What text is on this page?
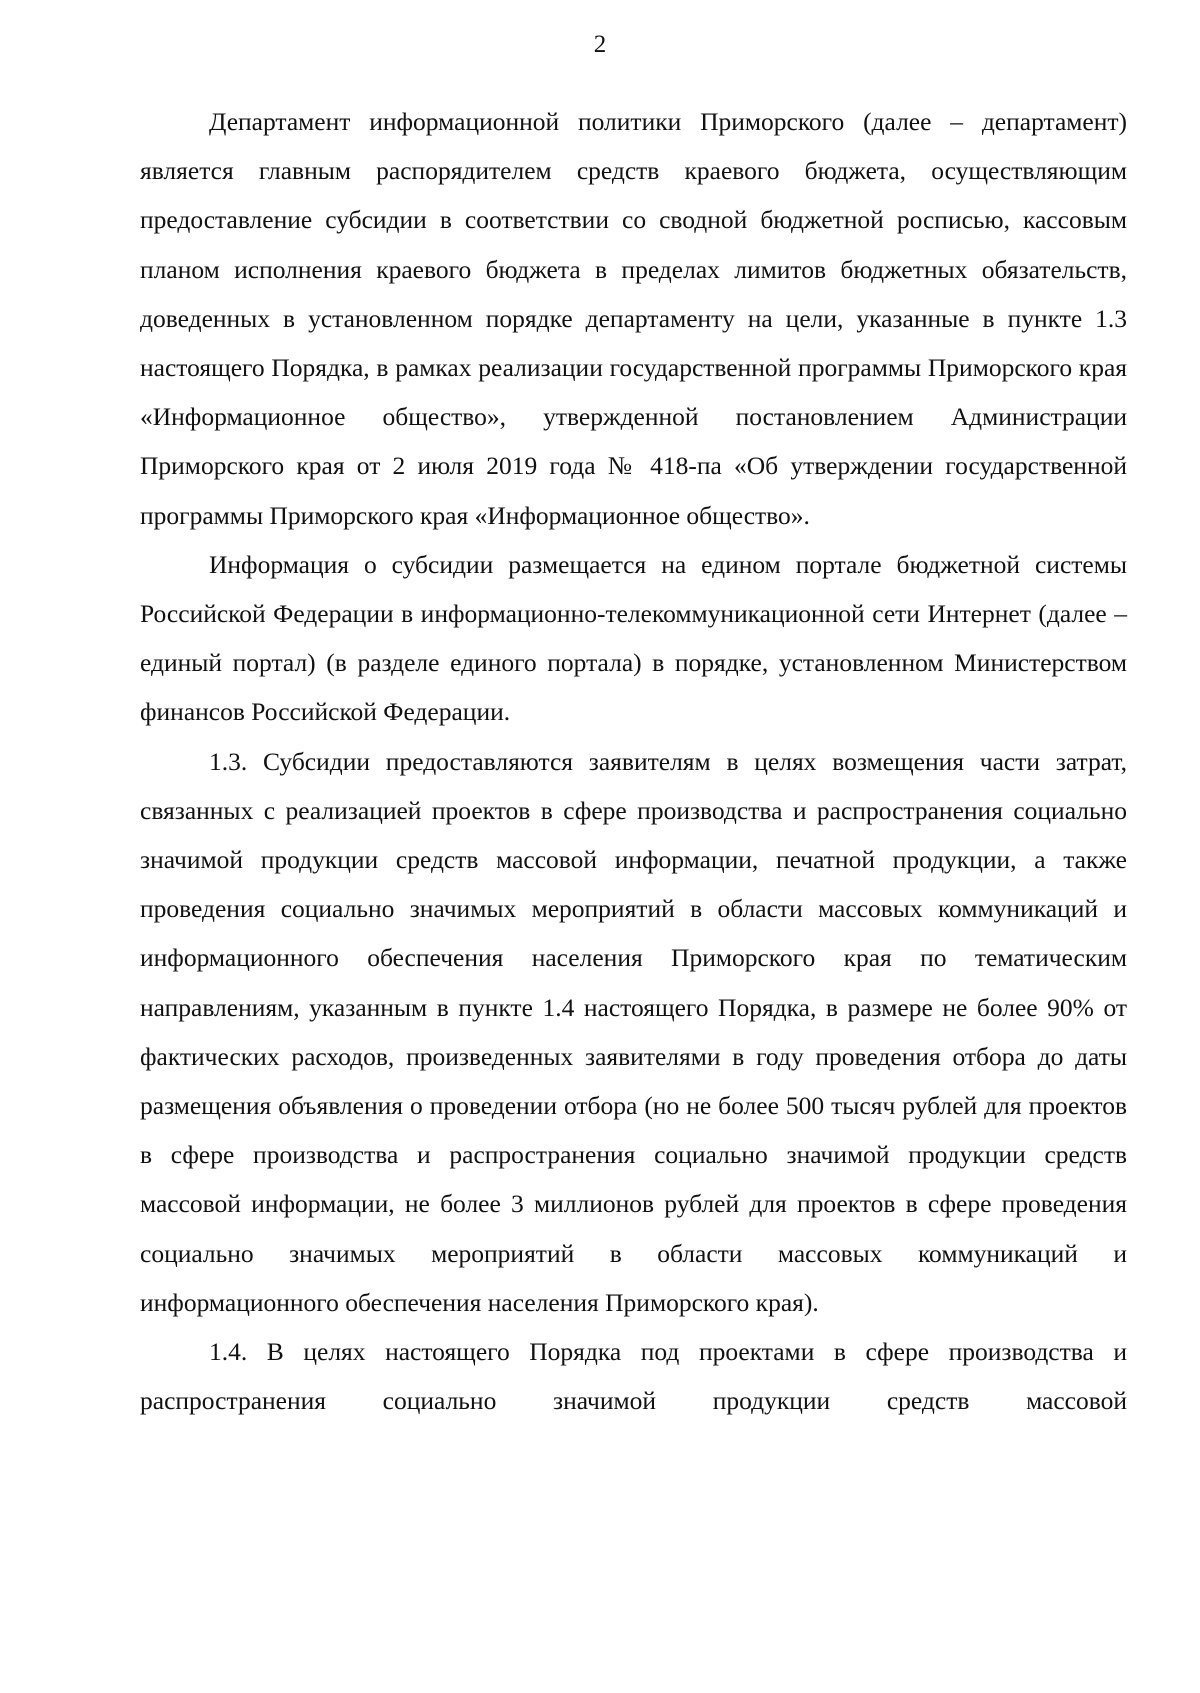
2

Департамент информационной политики Приморского (далее – департамент) является главным распорядителем средств краевого бюджета, осуществляющим предоставление субсидии в соответствии со сводной бюджетной росписью, кассовым планом исполнения краевого бюджета в пределах лимитов бюджетных обязательств, доведенных в установленном порядке департаменту на цели, указанные в пункте 1.3 настоящего Порядка, в рамках реализации государственной программы Приморского края «Информационное общество», утвержденной постановлением Администрации Приморского края от 2 июля 2019 года № 418-па «Об утверждении государственной программы Приморского края «Информационное общество».

Информация о субсидии размещается на едином портале бюджетной системы Российской Федерации в информационно-телекоммуникационной сети Интернет (далее – единый портал) (в разделе единого портала) в порядке, установленном Министерством финансов Российской Федерации.

1.3. Субсидии предоставляются заявителям в целях возмещения части затрат, связанных с реализацией проектов в сфере производства и распространения социально значимой продукции средств массовой информации, печатной продукции, а также проведения социально значимых мероприятий в области массовых коммуникаций и информационного обеспечения населения Приморского края по тематическим направлениям, указанным в пункте 1.4 настоящего Порядка, в размере не более 90% от фактических расходов, произведенных заявителями в году проведения отбора до даты размещения объявления о проведении отбора (но не более 500 тысяч рублей для проектов в сфере производства и распространения социально значимой продукции средств массовой информации, не более 3 миллионов рублей для проектов в сфере проведения социально значимых мероприятий в области массовых коммуникаций и информационного обеспечения населения Приморского края).

1.4. В целях настоящего Порядка под проектами в сфере производства и распространения социально значимой продукции средств массовой
